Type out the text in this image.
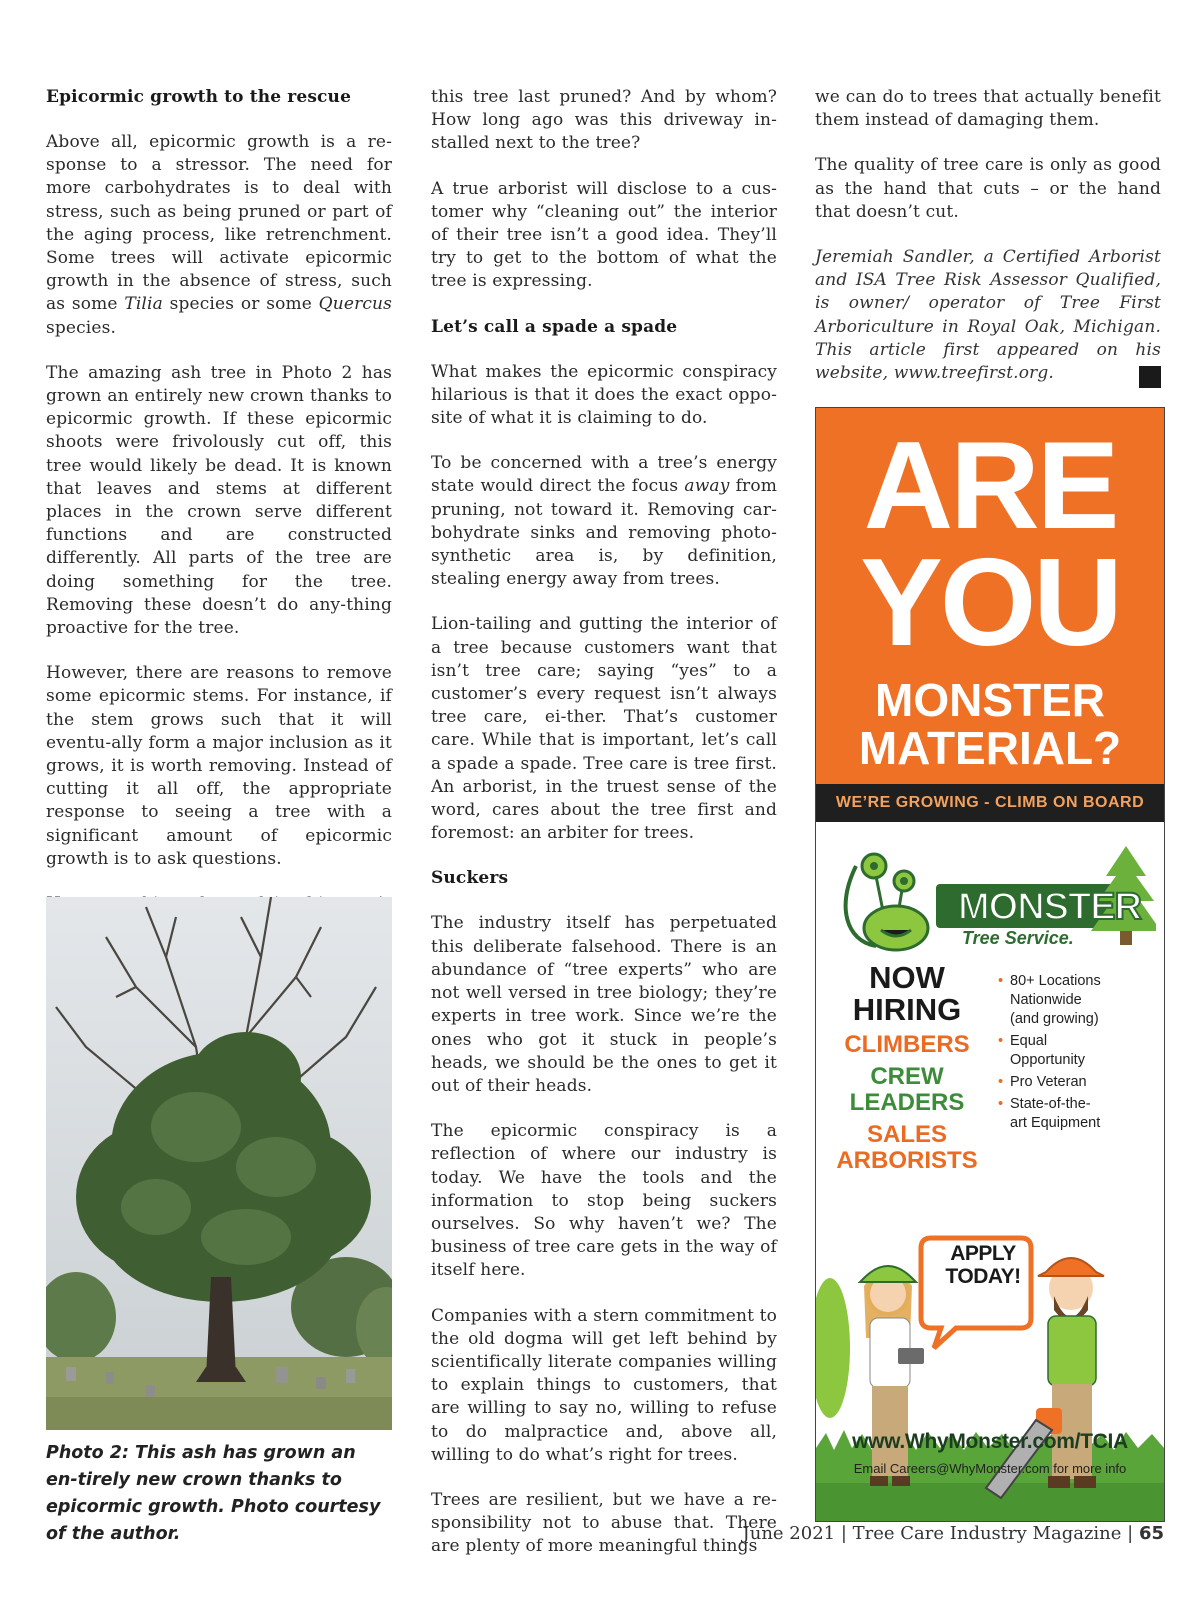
Epicormic growth to the rescue

Above all, epicormic growth is a re-sponse to a stressor. The need for more carbohydrates is to deal with stress, such as being pruned or part of the aging process, like retrenchment. Some trees will activate epicormic growth in the absence of stress, such as some Tilia species or some Quercus species.

The amazing ash tree in Photo 2 has grown an entirely new crown thanks to epicormic growth. If these epicormic shoots were frivolously cut off, this tree would likely be dead. It is known that leaves and stems at different places in the crown serve different functions and are constructed differently. All parts of the tree are doing something for the tree. Removing these doesn’t do any-thing proactive for the tree.

However, there are reasons to remove some epicormic stems. For instance, if the stem grows such that it will eventu-ally form a major inclusion as it grows, it is worth removing. Instead of cutting it all off, the appropriate response to seeing a tree with a significant amount of epicormic growth is to ask questions.

Photo 2: This ash has grown an en-tirely new crown thanks to epicormic growth. Photo courtesy of the author.

this tree last pruned? And by whom? How long ago was this driveway in-stalled next to the tree?

A true arborist will disclose to a cus-tomer why “cleaning out” the interior of their tree isn’t a good idea. They’ll try to get to the bottom of what the tree is expressing.

Let’s call a spade a spade

What makes the epicormic conspiracy hilarious is that it does the exact oppo-site of what it is claiming to do.

To be concerned with a tree’s energy state would direct the focus away from pruning, not toward it. Removing car-bohydrate sinks and removing photo-synthetic area is, by definition, stealing energy away from trees.

Lion-tailing and gutting the interior of a tree because customers want that isn’t tree care; saying “yes” to a customer’s every request isn’t always tree care, ei-ther. That’s customer care. While that is important, let’s call a spade a spade. Tree care is tree first. An arborist, in the truest sense of the word, cares about the tree first and foremost: an arbiter for trees.

Suckers

The industry itself has perpetuated this deliberate falsehood. There is an abundance of “tree experts” who are not well versed in tree biology; they’re experts in tree work. Since we’re the ones who got it stuck in people’s heads, we should be the ones to get it out of their heads.

The epicormic conspiracy is a reflection of where our industry is today. We have the tools and the information to stop being suckers ourselves. So why haven’t we? The business of tree care gets in the way of itself here.

Companies with a stern commitment to the old dogma will get left behind by scientifically literate companies willing to explain things to customers, that are willing to say no, willing to refuse to do malpractice and, above all, willing to do what’s right for trees.

Trees are resilient, but we have a re-sponsibility not to abuse that. There are plenty of more meaningful things

we can do to trees that actually benefit them instead of damaging them.

The quality of tree care is only as good as the hand that cuts – or the hand that doesn’t cut.

Jeremiah Sandler, a Certified Arborist and ISA Tree Risk Assessor Qualified, is owner/ operator of Tree First Arboriculture in Royal Oak, Michigan. This article first appeared on his website, www.treefirst.org.

ARE
YOU
MONSTER
MATERIAL?
WE’RE GROWING - CLIMB ON BOARD
MONSTER
Tree Service.
NOW
HIRING
CLIMBERS
CREW
LEADERS
SALES
ARBORISTS
• 80+ Locations
Nationwide
(and growing)
• Equal
Opportunity
• Pro Veteran
• State-of-the-
art Equipment
APPLY
TODAY!
www.WhyMonster.com/TCIA
Email Careers@WhyMonster.com for more info
June 2021 | Tree Care Industry Magazine | 65
